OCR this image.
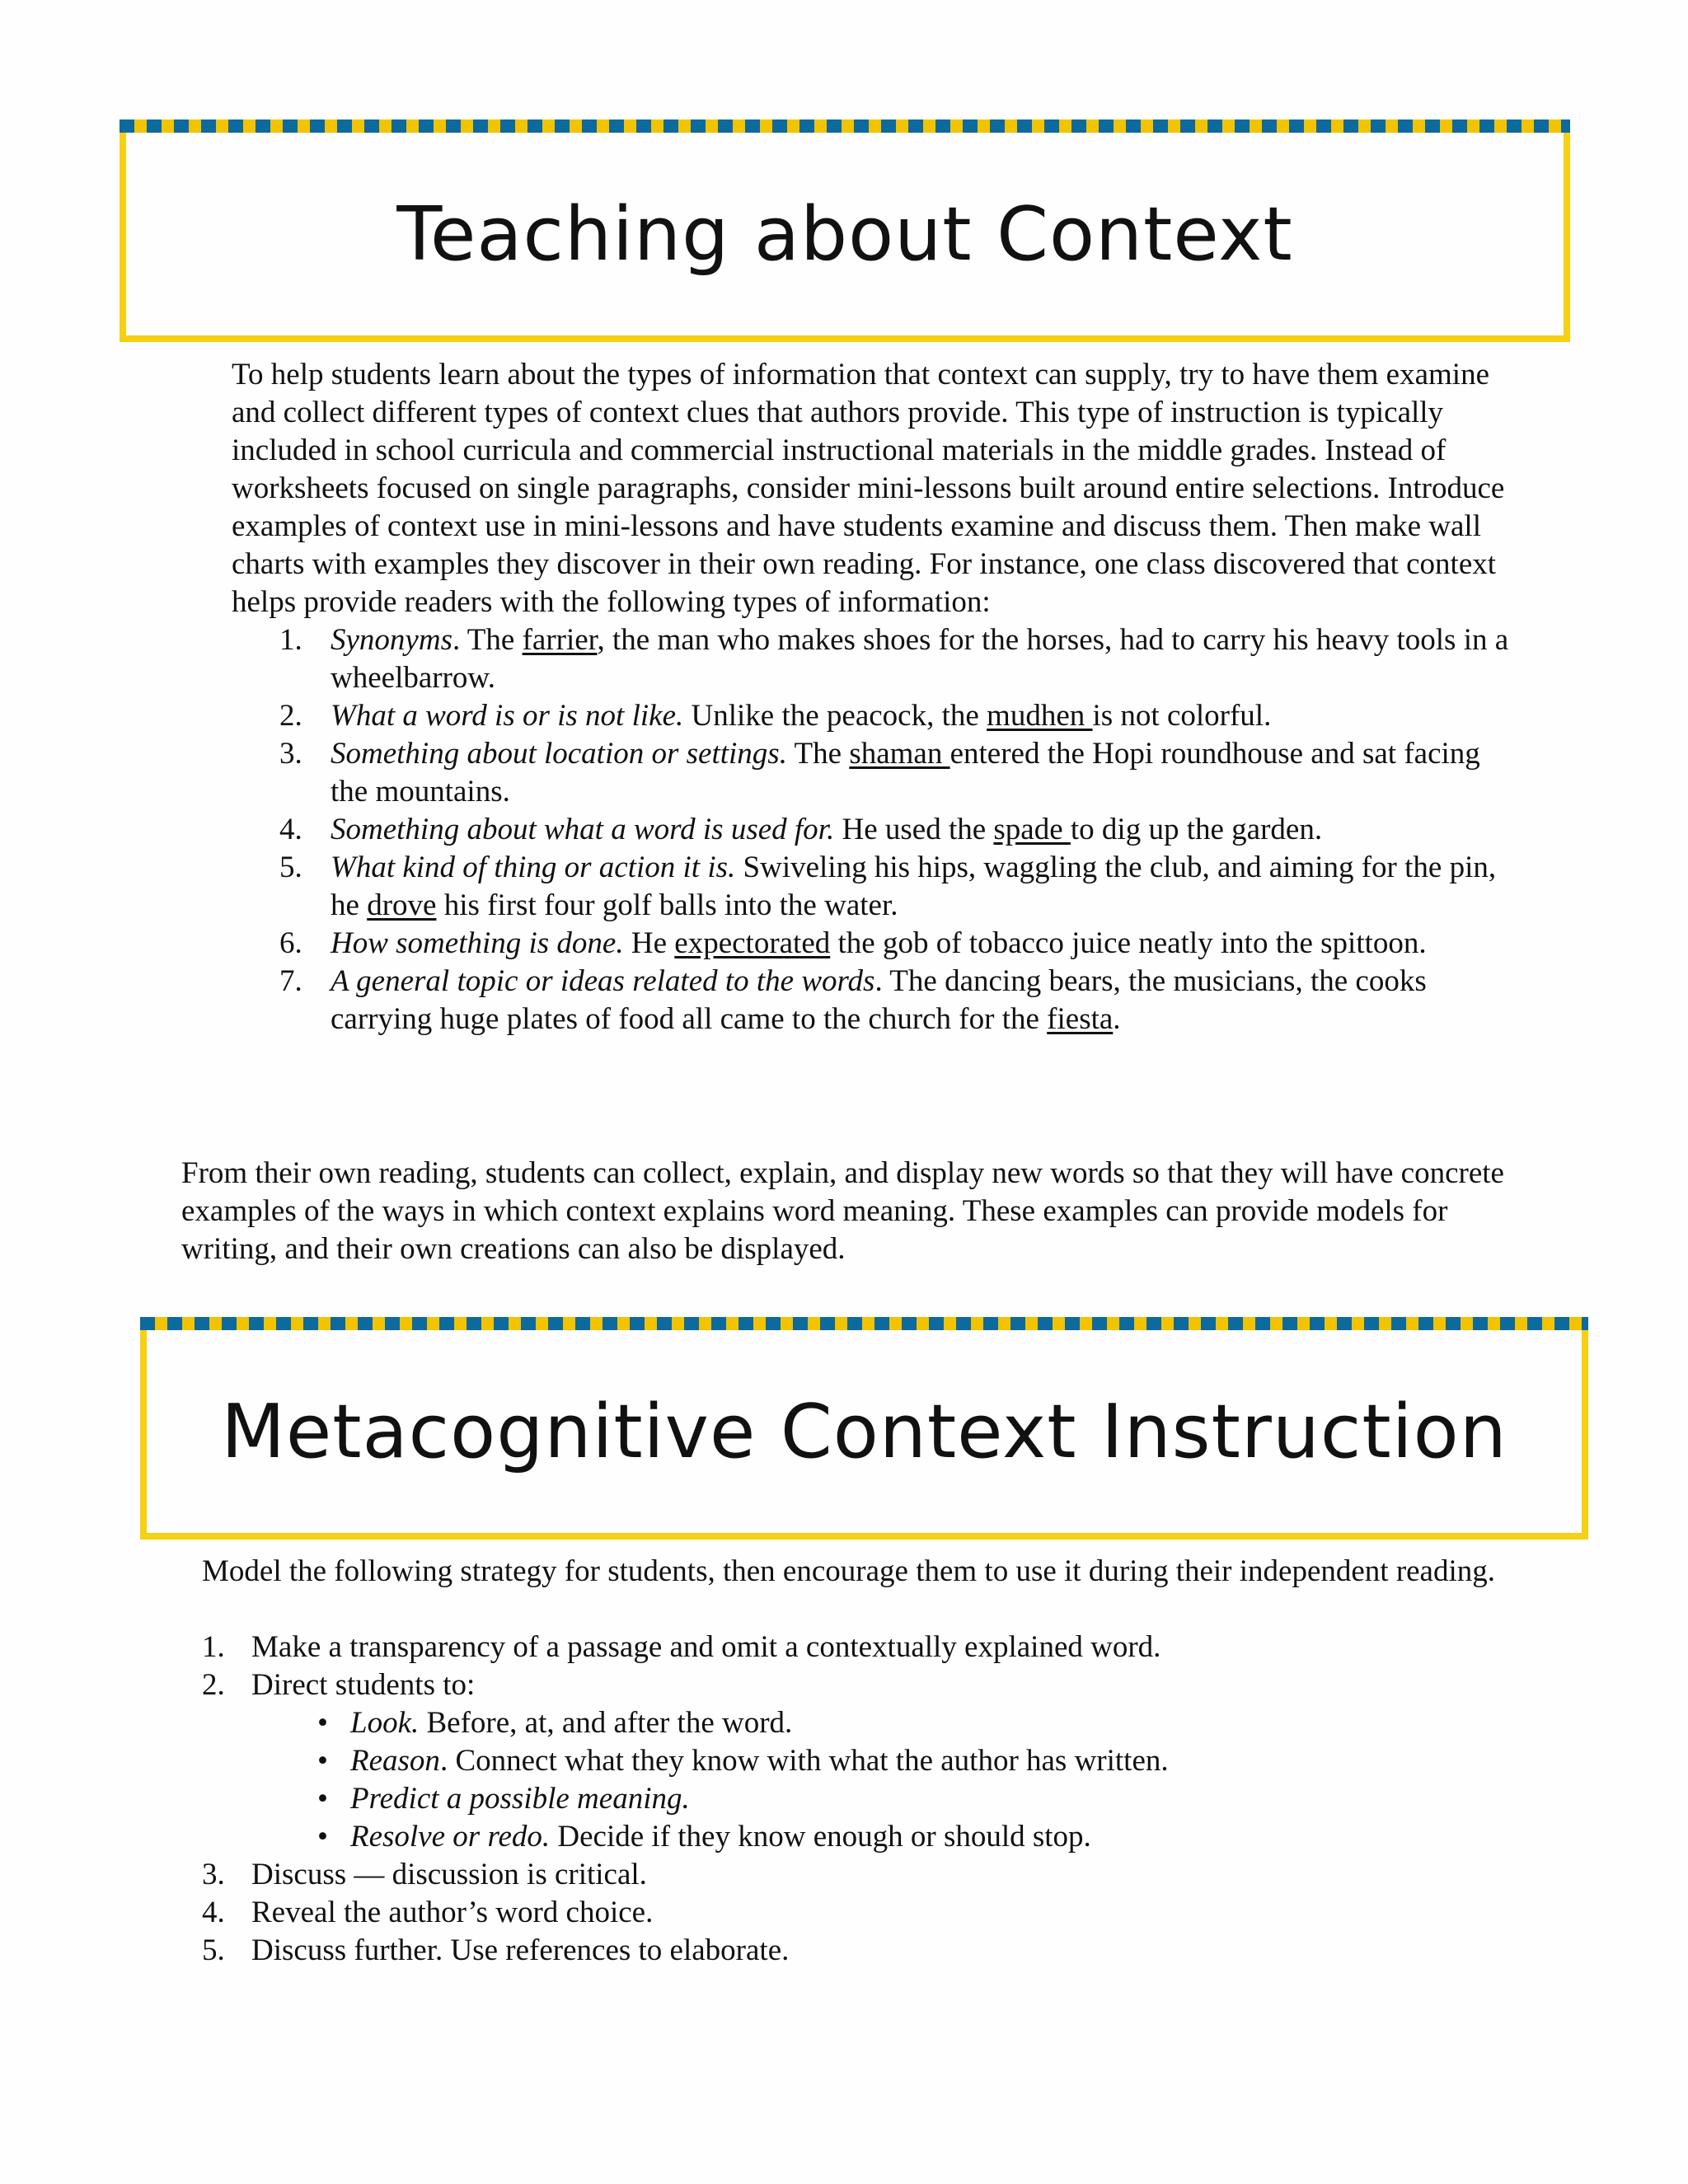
Teaching about Context

To help students learn about the types of information that context can supply, try to have them examine and collect different types of context clues that authors provide. This type of instruction is typically included in school curricula and commercial instructional materials in the middle grades. Instead of worksheets focused on single paragraphs, consider mini-lessons built around entire selections. Introduce examples of context use in mini-lessons and have students examine and discuss them. Then make wall charts with examples they discover in their own reading. For instance, one class discovered that context helps provide readers with the following types of information:

1. Synonyms. The farrier, the man who makes shoes for the horses, had to carry his heavy tools in a wheelbarrow.
2. What a word is or is not like. Unlike the peacock, the mudhen is not colorful.
3. Something about location or settings. The shaman entered the Hopi roundhouse and sat facing the mountains.
4. Something about what a word is used for. He used the spade to dig up the garden.
5. What kind of thing or action it is. Swiveling his hips, waggling the club, and aiming for the pin, he drove his first four golf balls into the water.
6. How something is done. He expectorated the gob of tobacco juice neatly into the spittoon.
7. A general topic or ideas related to the words. The dancing bears, the musicians, the cooks carrying huge plates of food all came to the church for the fiesta.

From their own reading, students can collect, explain, and display new words so that they will have concrete examples of the ways in which context explains word meaning. These examples can provide models for writing, and their own creations can also be displayed.

Metacognitive Context Instruction

Model the following strategy for students, then encourage them to use it during their independent reading.

1. Make a transparency of a passage and omit a contextually explained word.
2. Direct students to:
• Look. Before, at, and after the word.
• Reason. Connect what they know with what the author has written.
• Predict a possible meaning.
• Resolve or redo. Decide if they know enough or should stop.
3. Discuss — discussion is critical.
4. Reveal the author’s word choice.
5. Discuss further. Use references to elaborate.
